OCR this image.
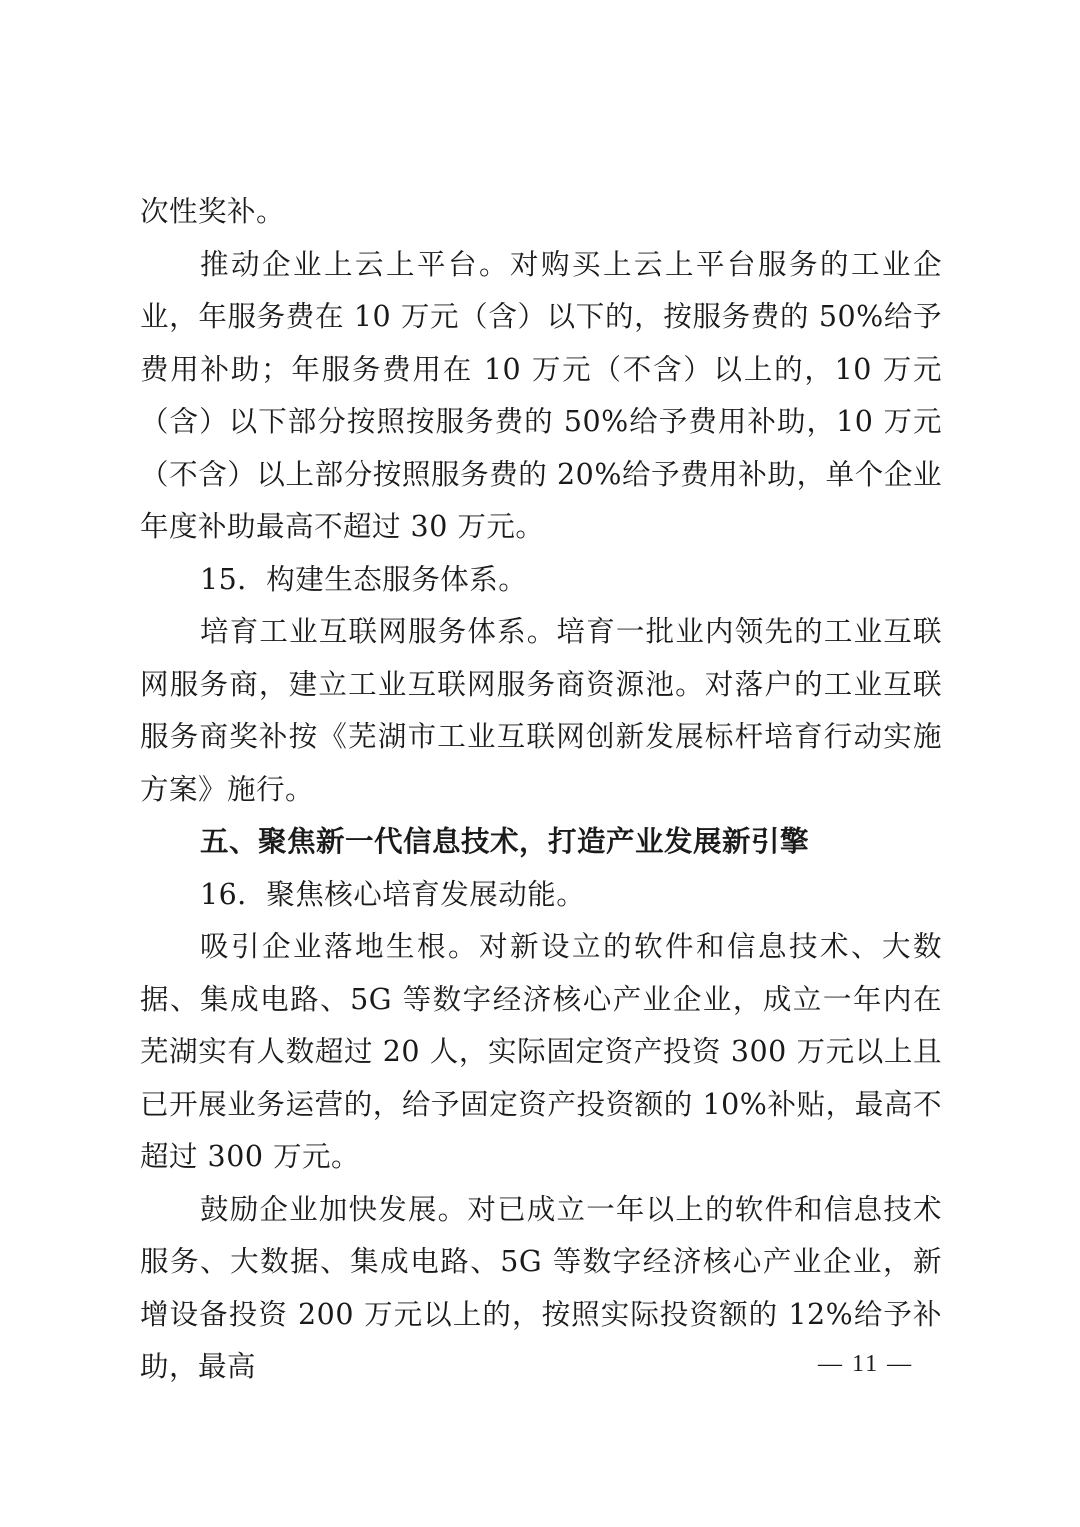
次性奖补。

推动企业上云上平台。对购买上云上平台服务的工业企业，年服务费在 10 万元（含）以下的，按服务费的 50%给予费用补助；年服务费用在 10 万元（不含）以上的，10 万元（含）以下部分按照按服务费的 50%给予费用补助，10 万元（不含）以上部分按照服务费的 20%给予费用补助，单个企业年度补助最高不超过 30 万元。

15．构建生态服务体系。

培育工业互联网服务体系。培育一批业内领先的工业互联网服务商，建立工业互联网服务商资源池。对落户的工业互联服务商奖补按《芜湖市工业互联网创新发展标杆培育行动实施方案》施行。

五、聚焦新一代信息技术，打造产业发展新引擎

16．聚焦核心培育发展动能。

吸引企业落地生根。对新设立的软件和信息技术、大数据、集成电路、5G 等数字经济核心产业企业，成立一年内在芜湖实有人数超过 20 人，实际固定资产投资 300 万元以上且已开展业务运营的，给予固定资产投资额的 10%补贴，最高不超过 300 万元。

鼓励企业加快发展。对已成立一年以上的软件和信息技术服务、大数据、集成电路、5G 等数字经济核心产业企业，新增设备投资 200 万元以上的，按照实际投资额的 12%给予补助，最高	— 11 —
